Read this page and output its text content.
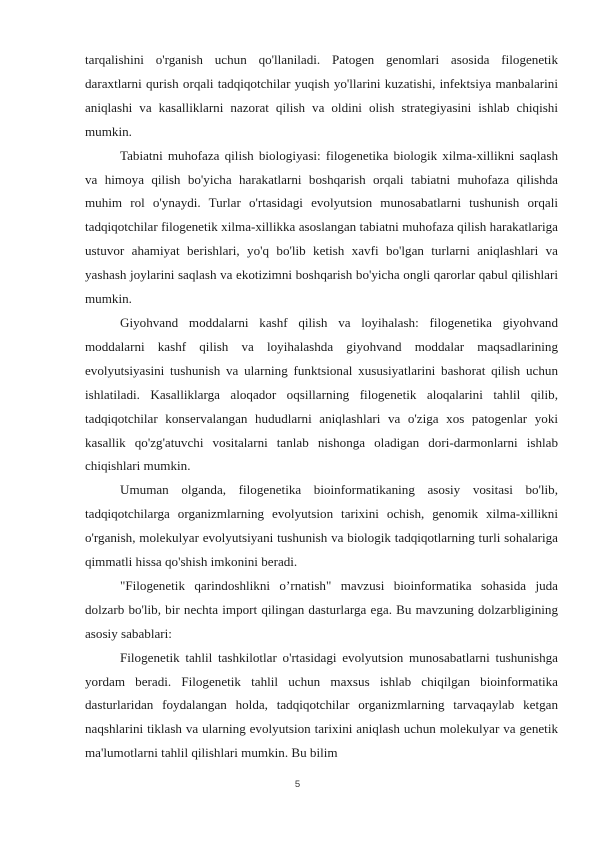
tarqalishini o'rganish uchun qo'llaniladi. Patogen genomlari asosida filogenetik daraxtlarni qurish orqali tadqiqotchilar yuqish yo'llarini kuzatishi, infektsiya manbalarini aniqlashi va kasalliklarni nazorat qilish va oldini olish strategiyasini ishlab chiqishi mumkin.

Tabiatni muhofaza qilish biologiyasi: filogenetika biologik xilma-xillikni saqlash va himoya qilish bo'yicha harakatlarni boshqarish orqali tabiatni muhofaza qilishda muhim rol o'ynaydi. Turlar o'rtasidagi evolyutsion munosabatlarni tushunish orqali tadqiqotchilar filogenetik xilma-xillikka asoslangan tabiatni muhofaza qilish harakatlariga ustuvor ahamiyat berishlari, yo'q bo'lib ketish xavfi bo'lgan turlarni aniqlashlari va yashash joylarini saqlash va ekotizimni boshqarish bo'yicha ongli qarorlar qabul qilishlari mumkin.

Giyohvand moddalarni kashf qilish va loyihalash: filogenetika giyohvand moddalarni kashf qilish va loyihalashda giyohvand moddalar maqsadlarining evolyutsiyasini tushunish va ularning funktsional xususiyatlarini bashorat qilish uchun ishlatiladi. Kasalliklarga aloqador oqsillarning filogenetik aloqalarini tahlil qilib, tadqiqotchilar konservalangan hududlarni aniqlashlari va o'ziga xos patogenlar yoki kasallik qo'zg'atuvchi vositalarni tanlab nishonga oladigan dori-darmonlarni ishlab chiqishlari mumkin.

Umuman olganda, filogenetika bioinformatikaning asosiy vositasi bo'lib, tadqiqotchilarga organizmlarning evolyutsion tarixini ochish, genomik xilma-xillikni o'rganish, molekulyar evolyutsiyani tushunish va biologik tadqiqotlarning turli sohalariga qimmatli hissa qo'shish imkonini beradi.

"Filogenetik qarindoshlikni o’rnatish" mavzusi bioinformatika sohasida juda dolzarb bo'lib, bir nechta import qilingan dasturlarga ega. Bu mavzuning dolzarbligining asosiy sabablari:

Filogenetik tahlil tashkilotlar o'rtasidagi evolyutsion munosabatlarni tushunishga yordam beradi. Filogenetik tahlil uchun maxsus ishlab chiqilgan bioinformatika dasturlaridan foydalangan holda, tadqiqotchilar organizmlarning tarvaqaylab ketgan naqshlarini tiklash va ularning evolyutsion tarixini aniqlash uchun molekulyar va genetik ma'lumotlarni tahlil qilishlari mumkin. Bu bilim

5
